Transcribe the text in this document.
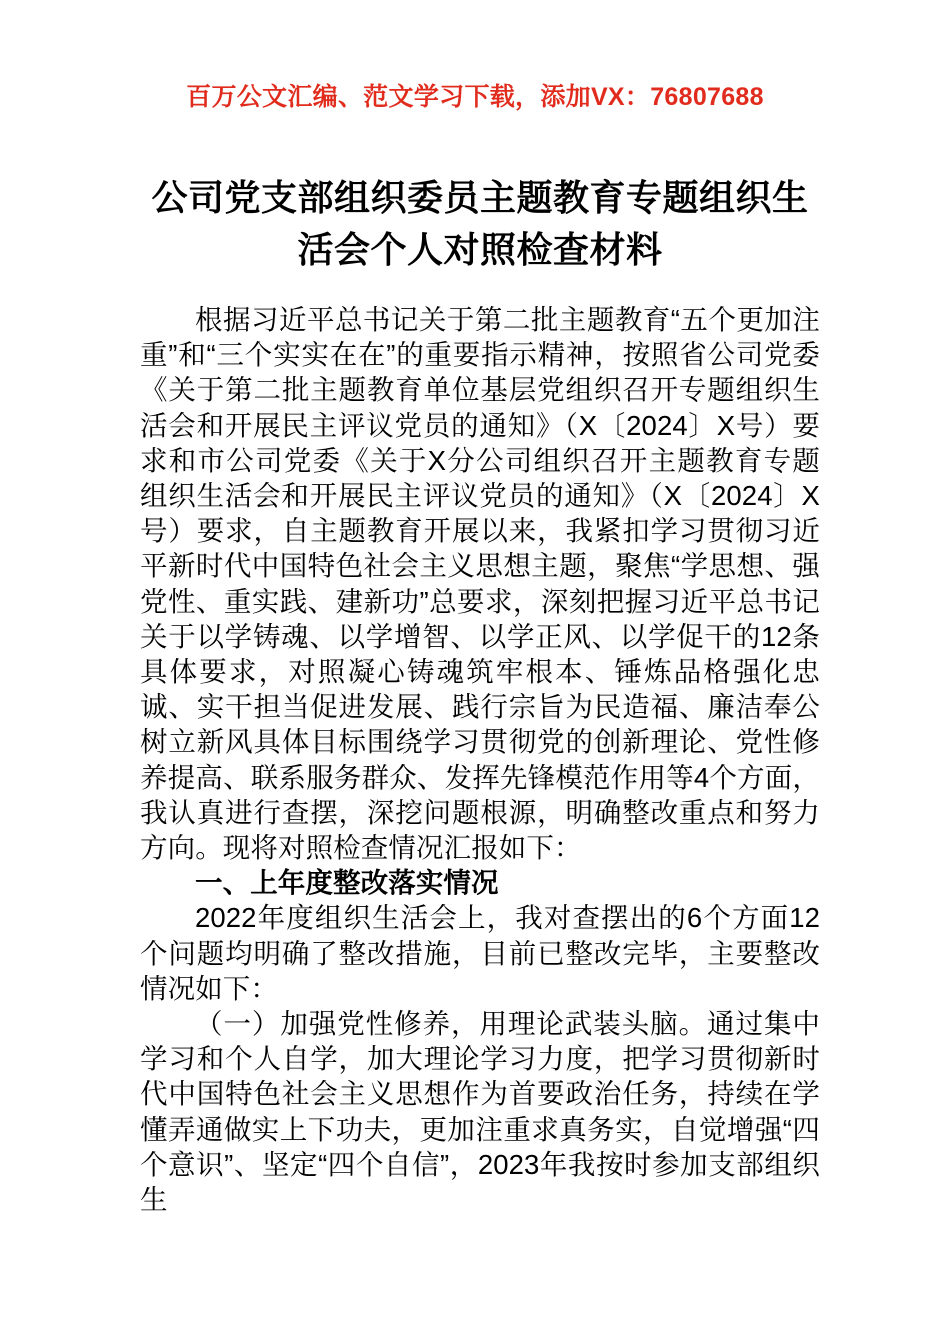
百万公文汇编、范文学习下载，添加VX：76807688
公司党支部组织委员主题教育专题组织生活会个人对照检查材料

根据习近平总书记关于第二批主题教育“五个更加注重”和“三个实实在在”的重要指示精神，按照省公司党委《关于第二批主题教育单位基层党组织召开专题组织生活会和开展民主评议党员的通知》（X〔2024〕X号）要求和市公司党委《关于X分公司组织召开主题教育专题组织生活会和开展民主评议党员的通知》（X〔2024〕X号）要求，自主题教育开展以来，我紧扣学习贯彻习近平新时代中国特色社会主义思想主题，聚焦“学思想、强党性、重实践、建新功”总要求，深刻把握习近平总书记关于以学铸魂、以学增智、以学正风、以学促干的12条具体要求，对照凝心铸魂筑牢根本、锤炼品格强化忠诚、实干担当促进发展、践行宗旨为民造福、廉洁奉公树立新风具体目标围绕学习贯彻党的创新理论、党性修养提高、联系服务群众、发挥先锋模范作用等4个方面，我认真进行查摆，深挖问题根源，明确整改重点和努力方向。现将对照检查情况汇报如下：

一、上年度整改落实情况

2022年度组织生活会上，我对查摆出的6个方面12个问题均明确了整改措施，目前已整改完毕，主要整改情况如下：

（一）加强党性修养，用理论武装头脑。通过集中学习和个人自学，加大理论学习力度，把学习贯彻新时代中国特色社会主义思想作为首要政治任务，持续在学懂弄通做实上下功夫，更加注重求真务实，自觉增强“四个意识”、坚定“四个自信”，2023年我按时参加支部组织生
